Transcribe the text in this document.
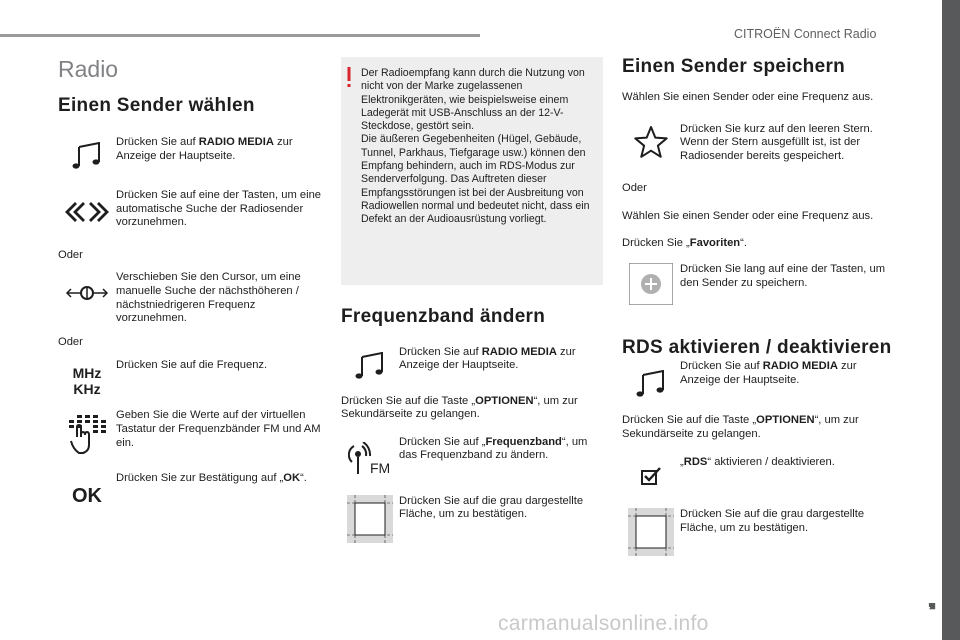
CITROËN Connect Radio
■
7
carmanualsonline.info
Radio
Einen Sender wählen
Drücken Sie auf RADIO MEDIA zur Anzeige der Hauptseite.
Drücken Sie auf eine der Tasten, um eine automatische Suche der Radiosender vorzunehmen.
Oder
Verschieben Sie den Cursor, um eine manuelle Suche der nächsthöheren / nächstniedrigeren Frequenz vorzunehmen.
Oder
MHz
KHz
Drücken Sie auf die Frequenz.
Geben Sie die Werte auf der virtuellen Tastatur der Frequenzbänder FM und AM ein.
OK
Drücken Sie zur Bestätigung auf „OK“.
Der Radioempfang kann durch die Nutzung von nicht von der Marke zugelassenen Elektronikgeräten, wie beispielsweise einem Ladegerät mit USB-Anschluss an der 12-V-Steckdose, gestört sein.
Die äußeren Gegebenheiten (Hügel, Gebäude, Tunnel, Parkhaus, Tiefgarage usw.) können den Empfang behindern, auch im RDS-Modus zur Senderverfolgung. Das Auftreten dieser Empfangsstörungen ist bei der Ausbreitung von Radiowellen normal und bedeutet nicht, dass ein Defekt an der Audioausrüstung vorliegt.
Frequenzband ändern
Drücken Sie auf RADIO MEDIA zur Anzeige der Hauptseite.
Drücken Sie auf die Taste „OPTIONEN“, um zur Sekundärseite zu gelangen.
FM
Drücken Sie auf „Frequenzband“, um das Frequenzband zu ändern.
Drücken Sie auf die grau dargestellte Fläche, um zu bestätigen.
Einen Sender speichern
Wählen Sie einen Sender oder eine Frequenz aus.
Drücken Sie kurz auf den leeren Stern. Wenn der Stern ausgefüllt ist, ist der Radiosender bereits gespeichert.
Oder
Wählen Sie einen Sender oder eine Frequenz aus.
Drücken Sie „Favoriten“.
Drücken Sie lang auf eine der Tasten, um den Sender zu speichern.
RDS aktivieren / deaktivieren
Drücken Sie auf RADIO MEDIA zur Anzeige der Hauptseite.
Drücken Sie auf die Taste „OPTIONEN“, um zur Sekundärseite zu gelangen.
„RDS“ aktivieren / deaktivieren.
Drücken Sie auf die grau dargestellte Fläche, um zu bestätigen.
